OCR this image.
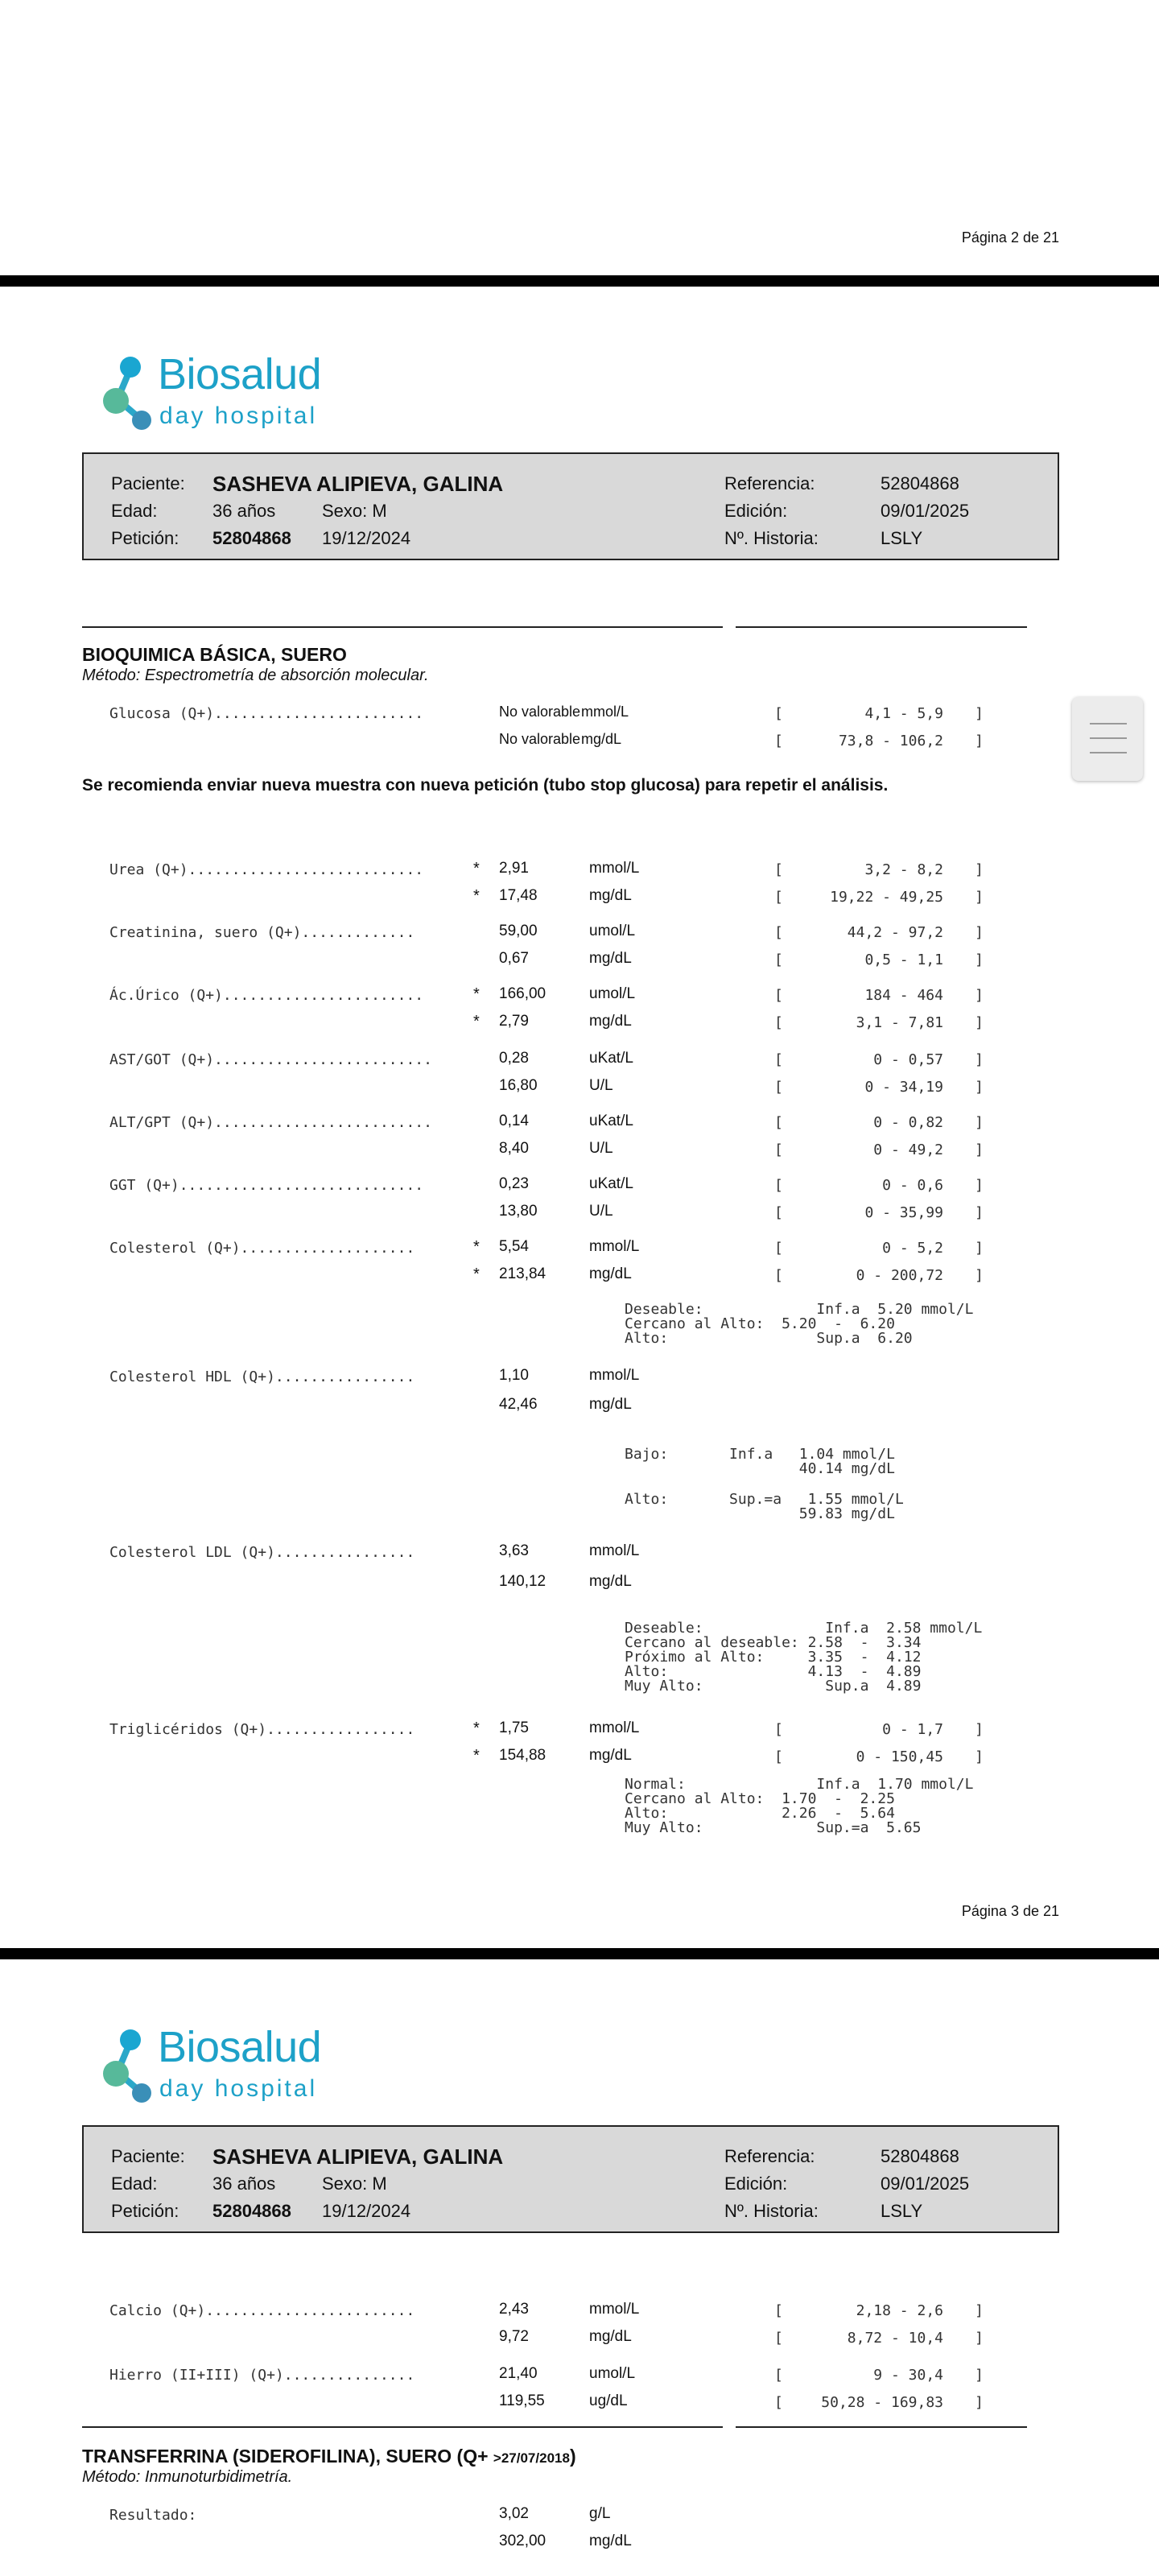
Página 2 de 21
Biosalud
day hospital
Paciente: SASHEVA ALIPIEVA, GALINA
Edad:	36 años	Sexo: M
Petición: 52804868 19/12/2024
Referencia:	52804868
Edición:	09/01/2025
Nº. Historia:	LSLY
BIOQUIMICA BÁSICA, SUERO
Método: Espectrometría de absorción molecular.
Glucosa (Q+)........................	No valorable mmol/L	[	4,1 - 5,9 ]
No valorable mg/dL	[	73,8 - 106,2 ]
Se recomienda enviar nueva muestra con nueva petición (tubo stop glucosa) para repetir el análisis.
Urea (Q+)...........................	* 2,91	mmol/L	[	3,2 - 8,2 ]
* 17,48	mg/dL	[	19,22 - 49,25 ]
Creatinina, suero (Q+).............	59,00	umol/L	[	44,2 - 97,2 ]
0,67	mg/dL	[	0,5 - 1,1 ]
Ác.Úrico (Q+).......................	* 166,00	umol/L	[	184 - 464 ]
* 2,79	mg/dL	[	3,1 - 7,81 ]
AST/GOT (Q+).........................	0,28	uKat/L	[	0 - 0,57 ]
16,80	U/L	[	0 - 34,19 ]
ALT/GPT (Q+).........................	0,14	uKat/L	[	0 - 0,82 ]
8,40	U/L	[	0 - 49,2 ]
GGT (Q+)............................	0,23	uKat/L	[	0 - 0,6 ]
13,80	U/L	[	0 - 35,99 ]
Colesterol (Q+)....................	* 5,54	mmol/L	[	0 - 5,2 ]
* 213,84	mg/dL	[	0 - 200,72 ]
Deseable:             Inf.a  5.20 mmol/L
Cercano al Alto:  5.20  -  6.20
Alto:                 Sup.a  6.20
Colesterol HDL (Q+)................	1,10	mmol/L
42,46	mg/dL
Bajo:       Inf.a   1.04 mmol/L
40.14 mg/dL
Alto:       Sup.=a   1.55 mmol/L
59.83 mg/dL
Colesterol LDL (Q+)................	3,63	mmol/L
140,12	mg/dL
Deseable:              Inf.a  2.58 mmol/L
Cercano al deseable: 2.58  -  3.34
Próximo al Alto:     3.35  -  4.12
Alto:                4.13  -  4.89
Muy Alto:              Sup.a  4.89
Triglicéridos (Q+).................	* 1,75	mmol/L	[	0 - 1,7 ]
* 154,88	mg/dL	[	0 - 150,45 ]
Normal:               Inf.a  1.70 mmol/L
Cercano al Alto:  1.70  -  2.25
Alto:             2.26  -  5.64
Muy Alto:             Sup.=a  5.65
Página 3 de 21
Biosalud
day hospital
Paciente: SASHEVA ALIPIEVA, GALINA
Edad:	36 años	Sexo: M
Petición: 52804868 19/12/2024
Referencia:	52804868
Edición:	09/01/2025
Nº. Historia:	LSLY
Calcio (Q+)........................	2,43	mmol/L	[	2,18 - 2,6 ]
9,72	mg/dL	[	8,72 - 10,4 ]
Hierro (II+III) (Q+)...............	21,40	umol/L	[	9 - 30,4 ]
119,55	ug/dL	[	50,28 - 169,83 ]
TRANSFERRINA (SIDEROFILINA), SUERO (Q+ >27/07/2018)
Método: Inmunoturbidimetría.
Resultado:	3,02	g/L
302,00	mg/dL
